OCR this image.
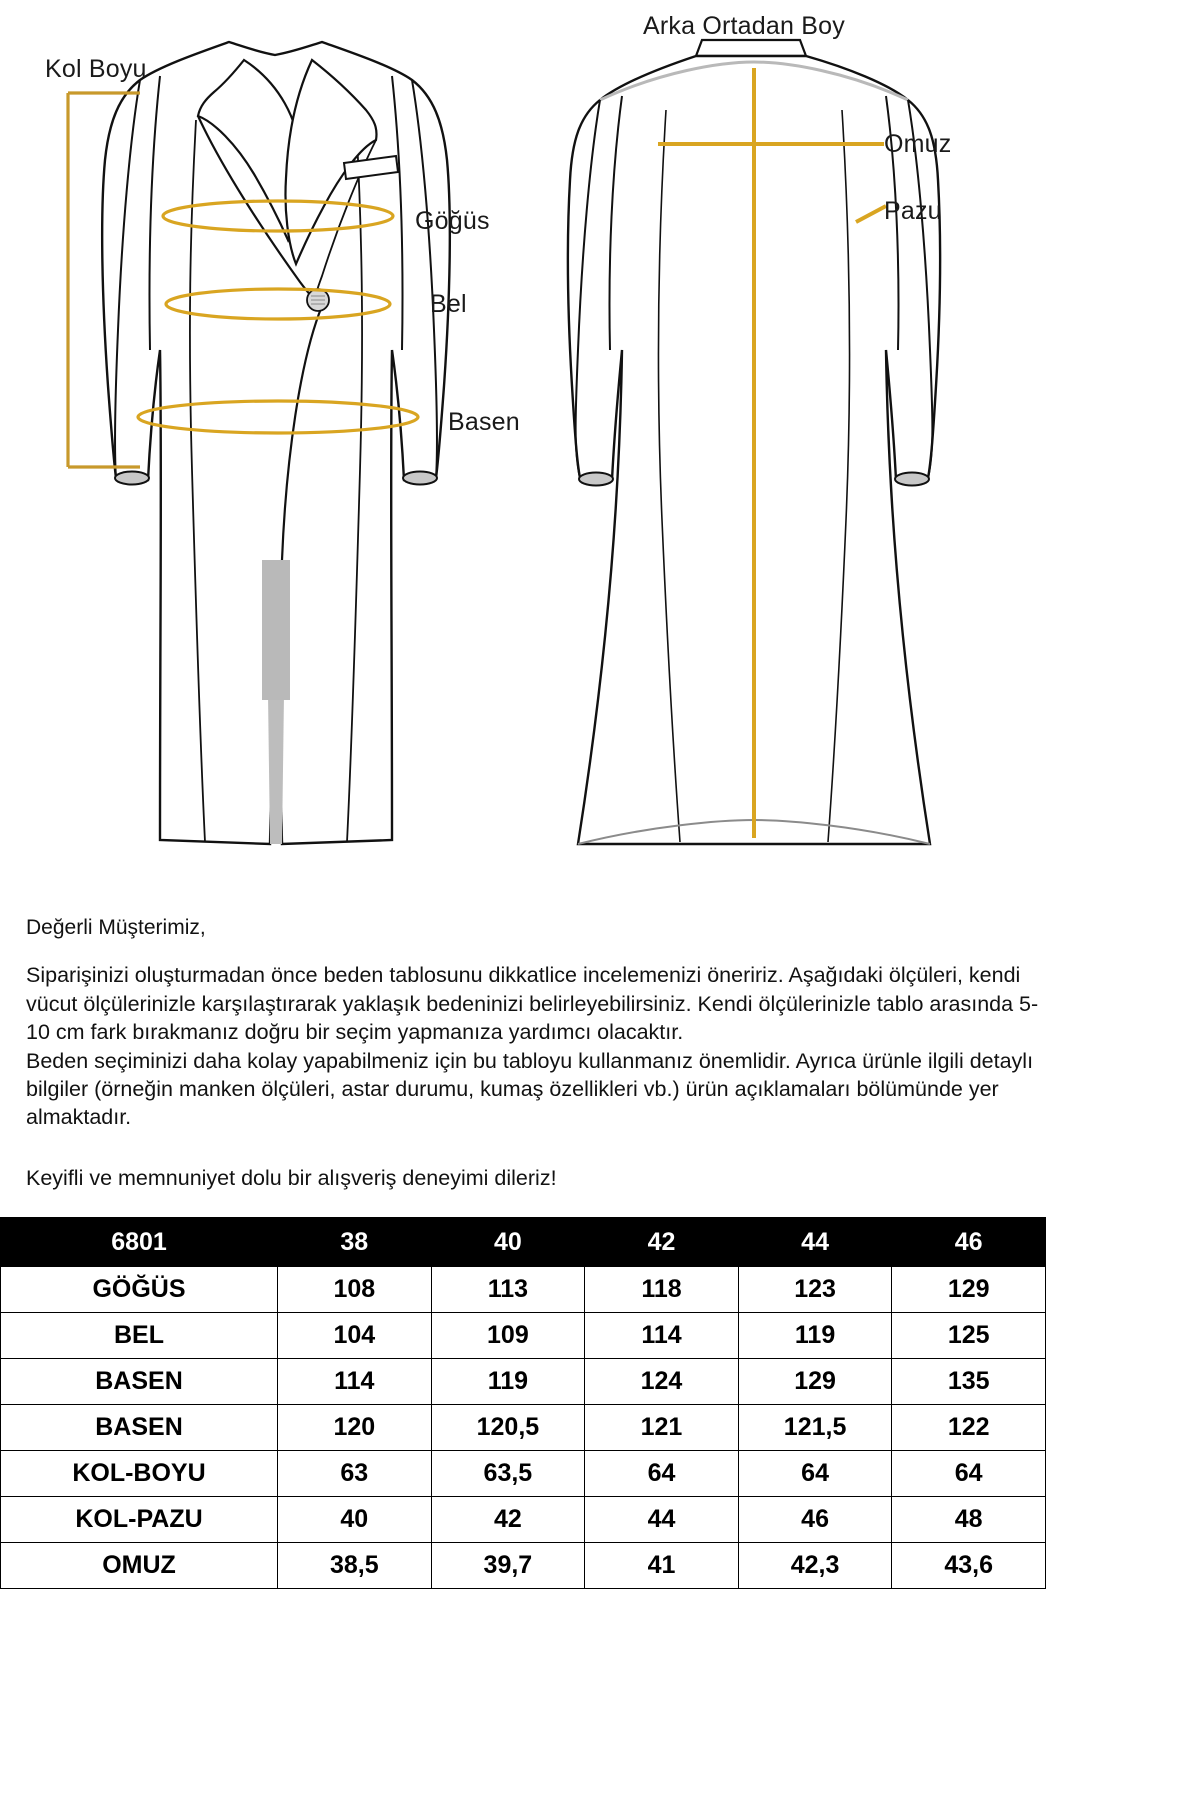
Kol Boyu
Arka Ortadan Boy
Göğüs
Bel
Basen
Omuz
Pazu

Değerli Müşterimiz,

Siparişinizi oluşturmadan önce beden tablosunu dikkatlice incelemenizi öneririz. Aşağıdaki ölçüleri, kendi vücut ölçülerinizle karşılaştırarak yaklaşık bedeninizi belirleyebilirsiniz. Kendi ölçülerinizle tablo arasında 5-10 cm fark bırakmanız doğru bir seçim yapmanıza yardımcı olacaktır.

Beden seçiminizi daha kolay yapabilmeniz için bu tabloyu kullanmanız önemlidir. Ayrıca ürünle ilgili detaylı bilgiler (örneğin manken ölçüleri, astar durumu, kumaş özellikleri vb.) ürün açıklamaları bölümünde yer almaktadır.

Keyifli ve memnuniyet dolu bir alışveriş deneyimi dileriz!

6801	38	40	42	44	46
GÖĞÜS	108	113	118	123	129
BEL	104	109	114	119	125
BASEN	114	119	124	129	135
BASEN	120	120,5	121	121,5	122
KOL-BOYU	63	63,5	64	64	64
KOL-PAZU	40	42	44	46	48
OMUZ	38,5	39,7	41	42,3	43,6
